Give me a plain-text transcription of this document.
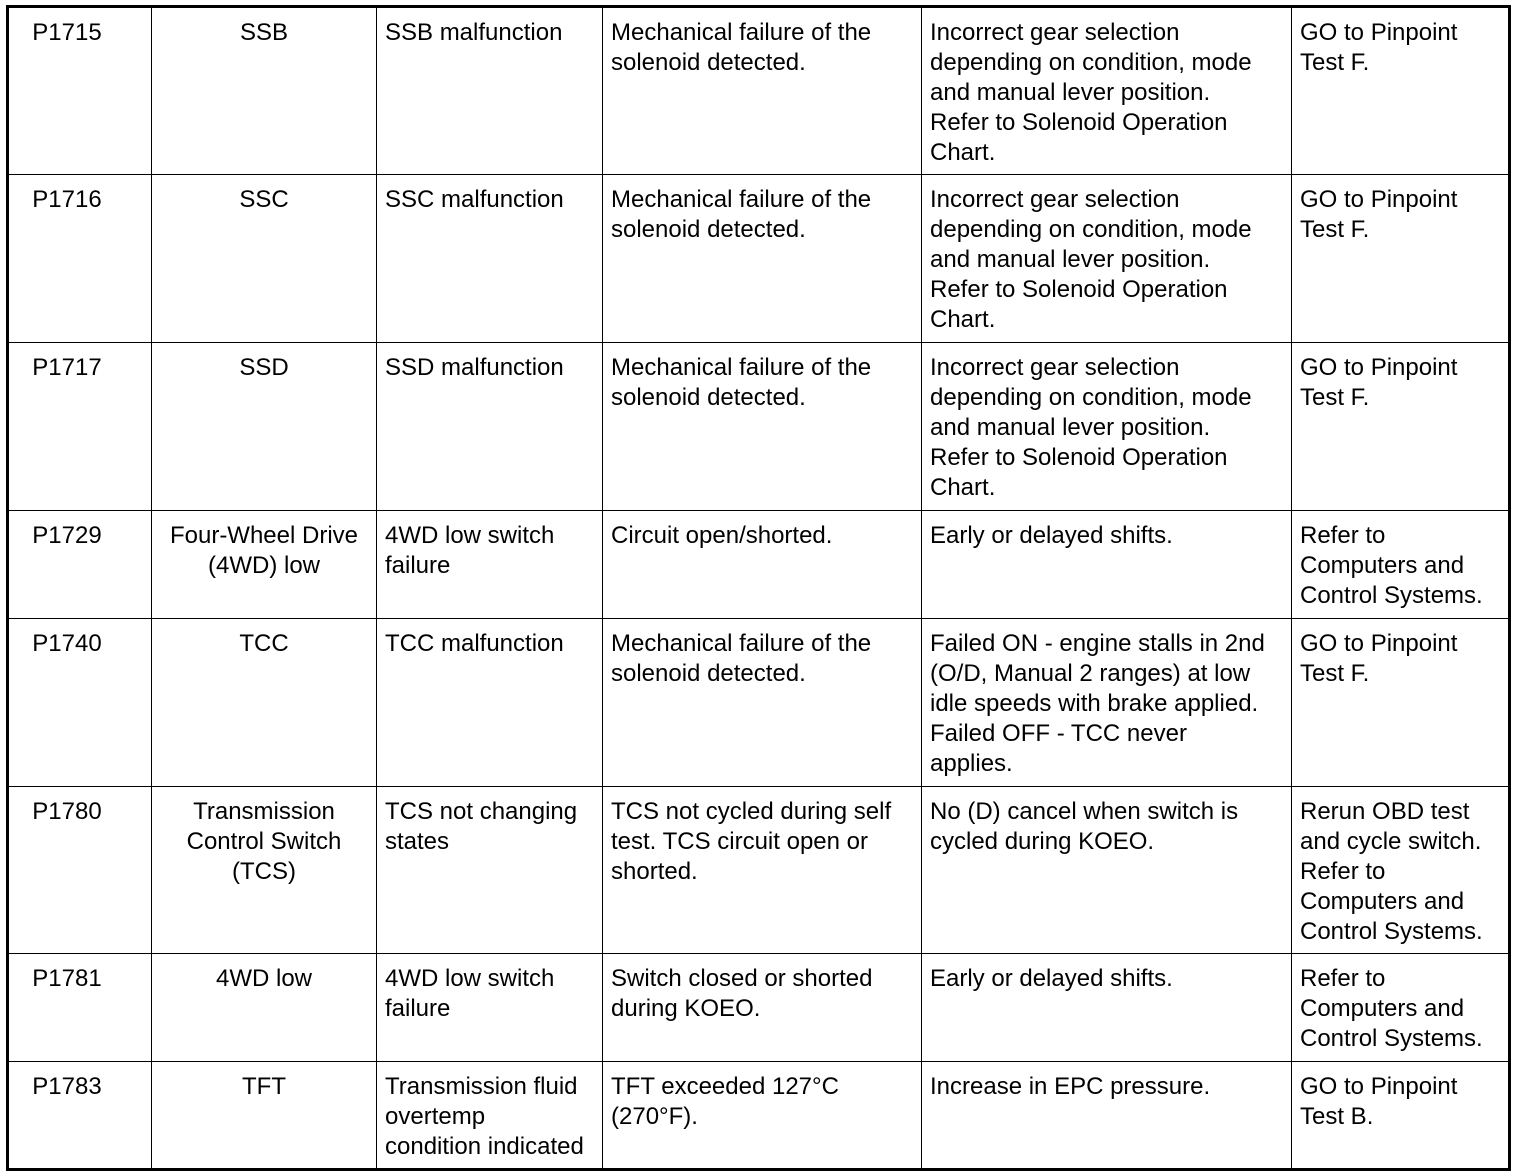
P1715	SSB	SSB malfunction	Mechanical failure of the
solenoid detected.	Incorrect gear selection
depending on condition, mode
and manual lever position.
Refer to Solenoid Operation
Chart.	GO to Pinpoint
Test F.
P1716	SSC	SSC malfunction	Mechanical failure of the
solenoid detected.	Incorrect gear selection
depending on condition, mode
and manual lever position.
Refer to Solenoid Operation
Chart.	GO to Pinpoint
Test F.
P1717	SSD	SSD malfunction	Mechanical failure of the
solenoid detected.	Incorrect gear selection
depending on condition, mode
and manual lever position.
Refer to Solenoid Operation
Chart.	GO to Pinpoint
Test F.
P1729	Four-Wheel Drive
(4WD) low	4WD low switch
failure	Circuit open/shorted.	Early or delayed shifts.	Refer to
Computers and
Control Systems.
P1740	TCC	TCC malfunction	Mechanical failure of the
solenoid detected.	Failed ON - engine stalls in 2nd
(O/D, Manual 2 ranges) at low
idle speeds with brake applied.
Failed OFF - TCC never
applies.	GO to Pinpoint
Test F.
P1780	Transmission
Control Switch
(TCS)	TCS not changing
states	TCS not cycled during self
test. TCS circuit open or
shorted.	No (D) cancel when switch is
cycled during KOEO.	Rerun OBD test
and cycle switch.
Refer to
Computers and
Control Systems.
P1781	4WD low	4WD low switch
failure	Switch closed or shorted
during KOEO.	Early or delayed shifts.	Refer to
Computers and
Control Systems.
P1783	TFT	Transmission fluid
overtemp
condition indicated	TFT exceeded 127°C
(270°F).	Increase in EPC pressure.	GO to Pinpoint
Test B.
